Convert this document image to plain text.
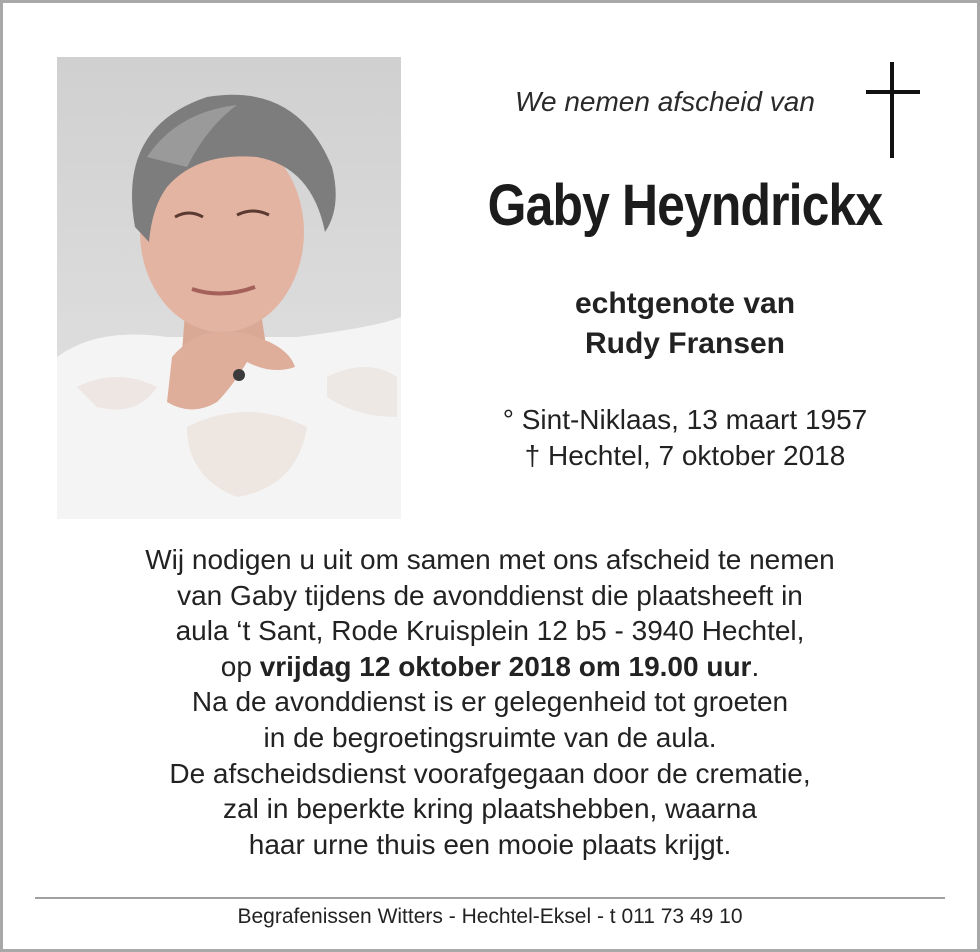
We nemen afscheid van
Gaby Heyndrickx
echtgenote van
Rudy Fransen
° Sint-Niklaas, 13 maart 1957
† Hechtel, 7 oktober 2018
Wij nodigen u uit om samen met ons afscheid te nemen
van Gaby tijdens de avonddienst die plaatsheeft in
aula ‘t Sant, Rode Kruisplein 12 b5 - 3940 Hechtel,
op vrijdag 12 oktober 2018 om 19.00 uur.
Na de avonddienst is er gelegenheid tot groeten
in de begroetingsruimte van de aula.
De afscheidsdienst voorafgegaan door de crematie,
zal in beperkte kring plaatshebben, waarna
haar urne thuis een mooie plaats krijgt.
Begrafenissen Witters - Hechtel-Eksel - t 011 73 49 10
